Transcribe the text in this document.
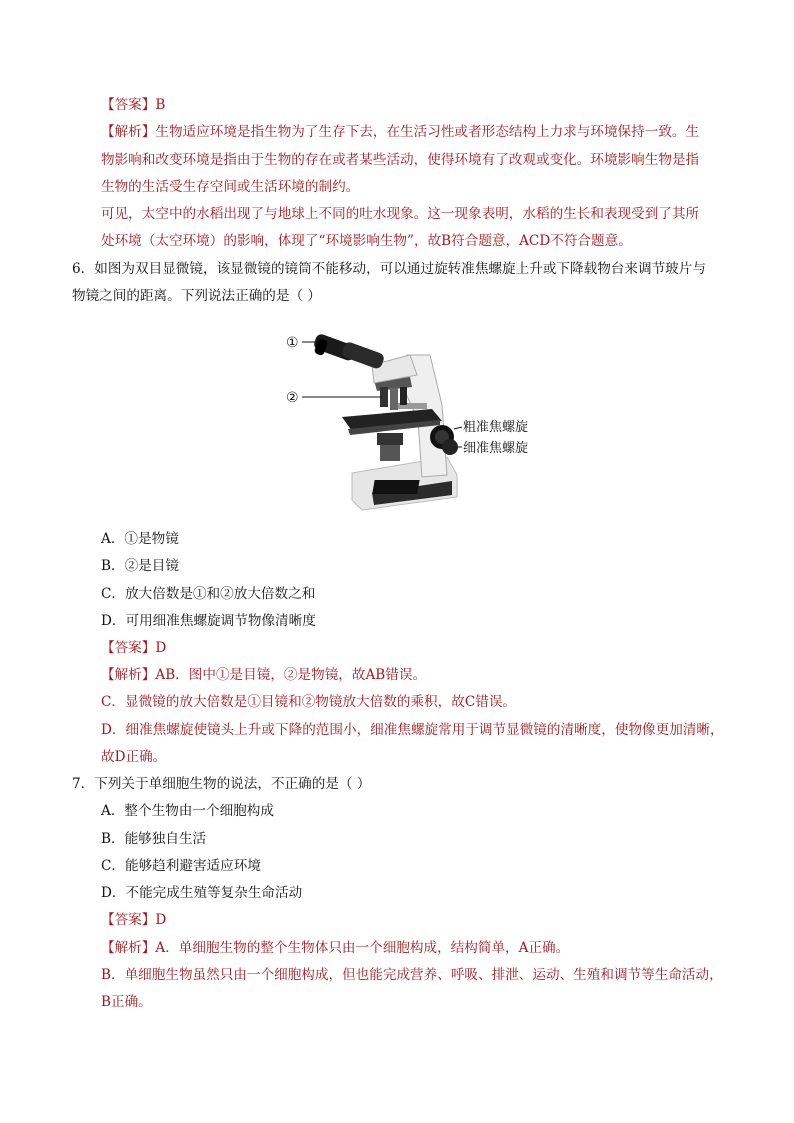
【答案】B
【解析】生物适应环境是指生物为了生存下去，在生活习性或者形态结构上力求与环境保持一致。生
物影响和改变环境是指由于生物的存在或者某些活动，使得环境有了改观或变化。环境影响生物是指
生物的生活受生存空间或生活环境的制约。
可见，太空中的水稻出现了与地球上不同的吐水现象。这一现象表明，水稻的生长和表现受到了其所
处环境（太空环境）的影响，体现了“环境影响生物”，故B符合题意，ACD不符合题意。
6．如图为双目显微镜，该显微镜的镜筒不能移动，可以通过旋转准焦螺旋上升或下降载物台来调节玻片与
物镜之间的距离。下列说法正确的是（ ）
①
②
粗准焦螺旋
细准焦螺旋
A．①是物镜
B．②是目镜
C．放大倍数是①和②放大倍数之和
D．可用细准焦螺旋调节物像清晰度
【答案】D
【解析】AB．图中①是目镜，②是物镜，故AB错误。
C．显微镜的放大倍数是①目镜和②物镜放大倍数的乘积，故C错误。
D．细准焦螺旋使镜头上升或下降的范围小，细准焦螺旋常用于调节显微镜的清晰度，使物像更加清晰，
故D正确。
7．下列关于单细胞生物的说法，不正确的是（ ）
A．整个生物由一个细胞构成
B．能够独自生活
C．能够趋利避害适应环境
D．不能完成生殖等复杂生命活动
【答案】D
【解析】A．单细胞生物的整个生物体只由一个细胞构成，结构简单，A正确。
B．单细胞生物虽然只由一个细胞构成，但也能完成营养、呼吸、排泄、运动、生殖和调节等生命活动，
B正确。
